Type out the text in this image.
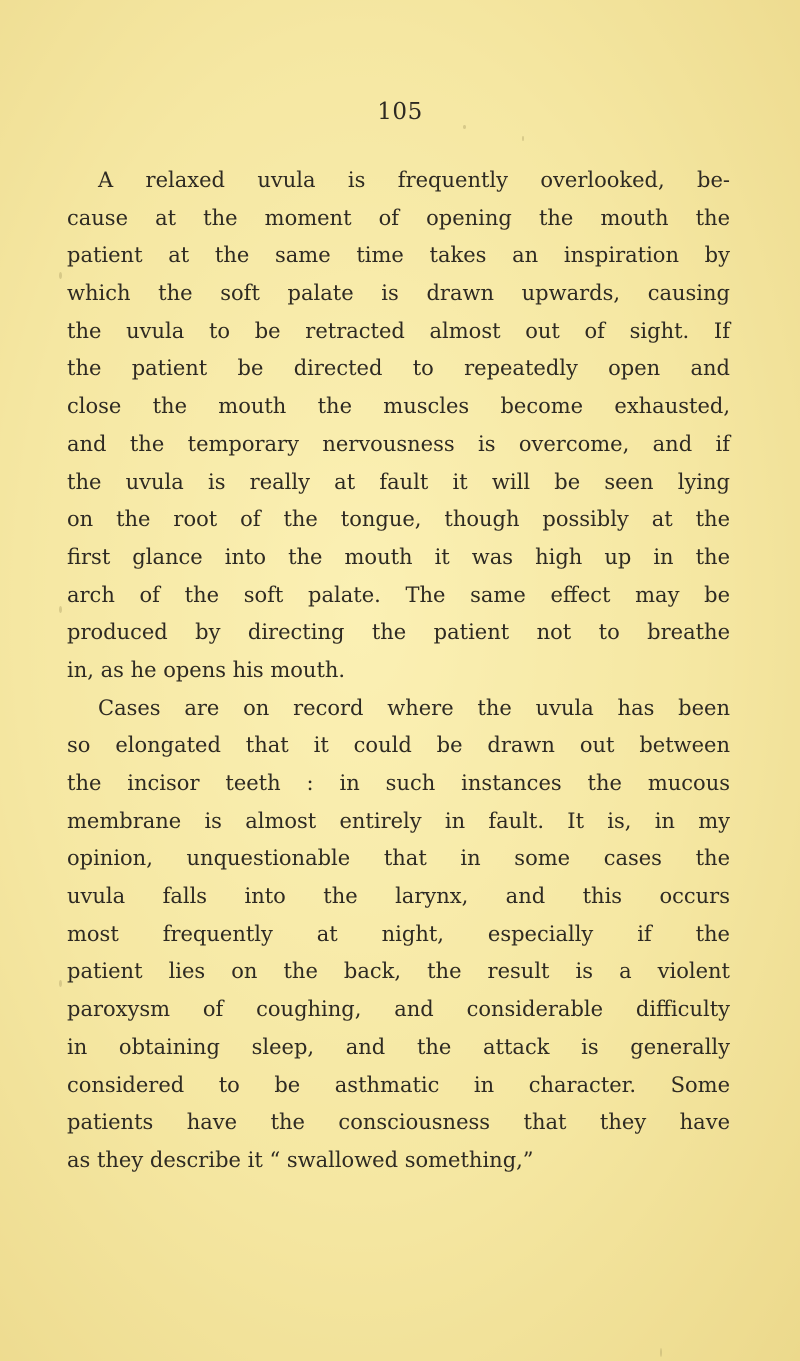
105
A relaxed uvula is frequently overlooked, be-
cause at the moment of opening the mouth the
patient at the same time takes an inspiration by
which the soft palate is drawn upwards, causing
the uvula to be retracted almost out of sight. If
the patient be directed to repeatedly open and
close the mouth the muscles become exhausted,
and the temporary nervousness is overcome, and if
the uvula is really at fault it will be seen lying
on the root of the tongue, though possibly at the
first glance into the mouth it was high up in the
arch of the soft palate. The same effect may be
produced by directing the patient not to breathe
in, as he opens his mouth.
Cases are on record where the uvula has been
so elongated that it could be drawn out between
the incisor teeth : in such instances the mucous
membrane is almost entirely in fault. It is, in my
opinion, unquestionable that in some cases the
uvula falls into the larynx, and this occurs
most frequently at night, especially if the
patient lies on the back, the result is a violent
paroxysm of coughing, and considerable difficulty
in obtaining sleep, and the attack is generally
considered to be asthmatic in character. Some
patients have the consciousness that they have
as they describe it “ swallowed something,”
